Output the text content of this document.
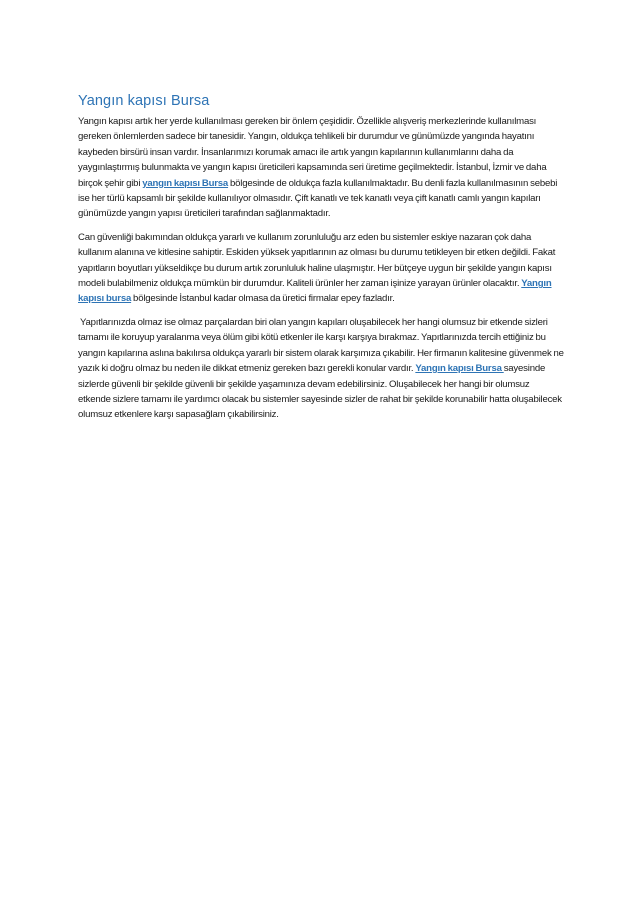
Yangın kapısı Bursa

Yangın kapısı artık her yerde kullanılması gereken bir önlem çeşididir. Özellikle alışveriş merkezlerinde kullanılması gereken önlemlerden sadece bir tanesidir. Yangın, oldukça tehlikeli bir durumdur ve günümüzde yangında hayatını kaybeden birsürü insan vardır. İnsanlarımızı korumak amacı ile artık yangın kapılarının kullanımlarını daha da yaygınlaştırmış bulunmakta ve yangın kapısı üreticileri kapsamında seri üretime geçilmektedir. İstanbul, İzmir ve daha birçok şehir gibi yangın kapısı Bursa bölgesinde de oldukça fazla kullanılmaktadır. Bu denli fazla kullanılmasının sebebi ise her türlü kapsamlı bir şekilde kullanılıyor olmasıdır. Çift kanatlı ve tek kanatlı veya çift kanatlı camlı yangın kapıları günümüzde yangın yapısı üreticileri tarafından sağlanmaktadır.

Can güvenliği bakımından oldukça yararlı ve kullanım zorunluluğu arz eden bu sistemler eskiye nazaran çok daha kullanım alanına ve kitlesine sahiptir. Eskiden yüksek yapıtlarının az olması bu durumu tetikleyen bir etken değildi. Fakat yapıtların boyutları yükseldikçe bu durum artık zorunluluk haline ulaşmıştır. Her bütçeye uygun bir şekilde yangın kapısı modeli bulabilmeniz oldukça mümkün bir durumdur. Kaliteli ürünler her zaman işinize yarayan ürünler olacaktır. Yangın kapısı bursa bölgesinde İstanbul kadar olmasa da üretici firmalar epey fazladır.

Yapıtlarınızda olmaz ise olmaz parçalardan biri olan yangın kapıları oluşabilecek her hangi olumsuz bir etkende sizleri tamamı ile koruyup yaralanma veya ölüm gibi kötü etkenler ile karşı karşıya bırakmaz. Yapıtlarınızda tercih ettiğiniz bu yangın kapılarına aslına bakılırsa oldukça yararlı bir sistem olarak karşımıza çıkabilir. Her firmanın kalitesine güvenmek ne yazık ki doğru olmaz bu neden ile dikkat etmeniz gereken bazı gerekli konular vardır. Yangın kapısı Bursa sayesinde sizlerde güvenli bir şekilde güvenli bir şekilde yaşamınıza devam edebilirsiniz. Oluşabilecek her hangi bir olumsuz etkende sizlere tamamı ile yardımcı olacak bu sistemler sayesinde sizler de rahat bir şekilde korunabilir hatta oluşabilecek olumsuz etkenlere karşı sapasağlam çıkabilirsiniz.
